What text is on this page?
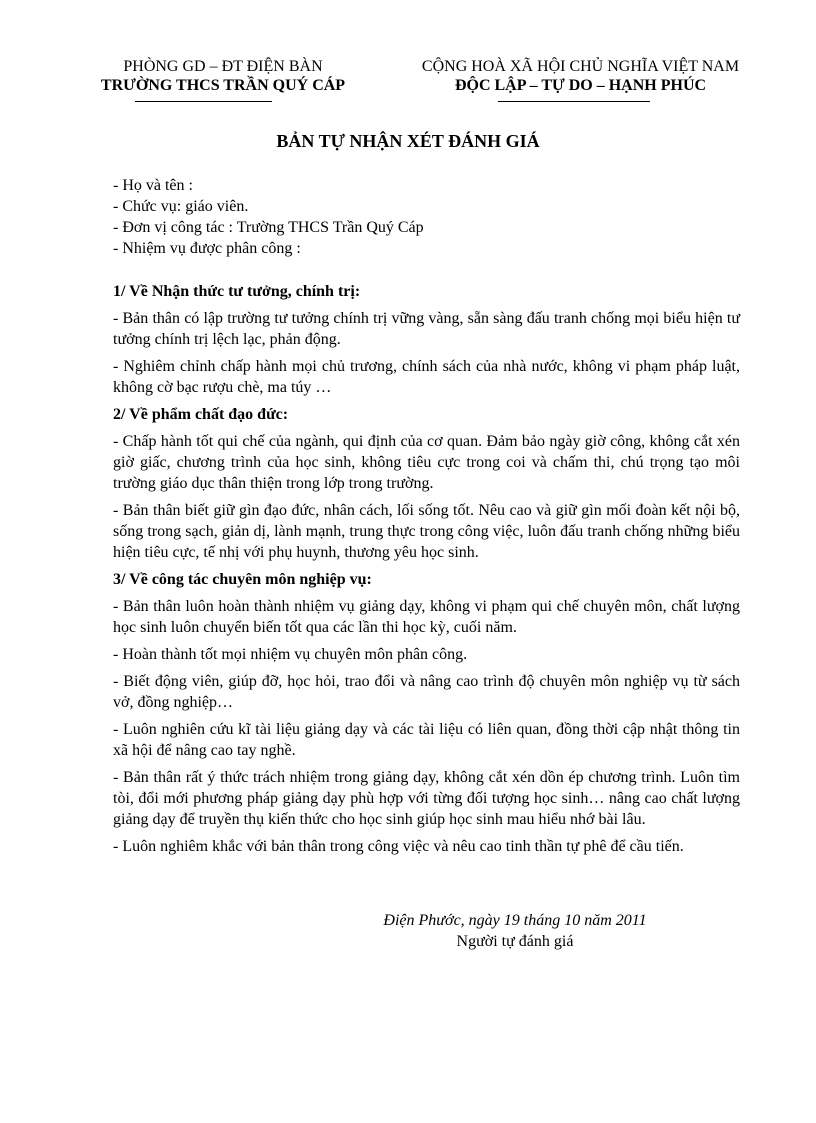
PHÒNG GD – ĐT ĐIỆN BÀN
TRƯỜNG THCS TRẦN QUÝ CÁP
CỘNG HOÀ XÃ HỘI CHỦ NGHĨA VIỆT NAM
ĐỘC LẬP – TỰ DO – HẠNH PHÚC
BẢN TỰ NHẬN XÉT ĐÁNH GIÁ
- Họ và tên :
- Chức vụ: giáo viên.
- Đơn vị công tác : Trường THCS Trần Quý Cáp
- Nhiệm vụ được phân công :
1/ Về Nhận thức tư tưởng, chính trị:
- Bản thân có lập trường tư tưởng chính trị vững vàng, sẵn sàng đấu tranh chống mọi biểu hiện tư tưởng chính trị lệch lạc, phản động.
- Nghiêm chỉnh chấp hành mọi chủ trương, chính sách của nhà nước, không vi phạm pháp luật, không cờ bạc rượu chè, ma túy …
2/ Về phẩm chất đạo đức:
- Chấp hành tốt qui chế của ngành, qui định của cơ quan. Đảm bảo ngày giờ công, không cắt xén giờ giấc, chương trình của học sinh, không tiêu cực trong coi và chấm thi, chú trọng tạo môi trường giáo dục thân thiện trong lớp trong trường.
- Bản thân biết giữ gìn đạo đức, nhân cách, lối sống tốt. Nêu cao và giữ gìn mối đoàn kết nội bộ, sống trong sạch, giản dị, lành mạnh, trung thực trong công việc, luôn đấu tranh chống những biểu hiện tiêu cực, tế nhị với phụ huynh, thương yêu học sinh.
3/ Về công tác chuyên môn nghiệp vụ:
- Bản thân luôn hoàn thành nhiệm vụ giảng dạy, không vi phạm qui chế chuyên môn, chất lượng học sinh luôn chuyển biến tốt qua các lần thi học kỳ, cuối năm.
- Hoàn thành tốt mọi nhiệm vụ chuyên môn phân công.
- Biết động viên, giúp đỡ, học hỏi, trao đổi và nâng cao trình độ chuyên môn nghiệp vụ từ sách vở, đồng nghiệp…
- Luôn nghiên cứu kĩ tài liệu giảng dạy và các tài liệu có liên quan, đồng thời cập nhật thông tin xã hội để nâng cao tay nghề.
- Bản thân rất ý thức trách nhiệm trong giảng dạy, không cắt xén dồn ép chương trình. Luôn tìm tòi, đổi mới phương pháp giảng dạy phù hợp với từng đối tượng học sinh… nâng cao chất lượng giảng dạy để truyền thụ kiến thức cho học sinh giúp học sinh mau hiểu nhớ bài lâu.
- Luôn nghiêm khắc với bản thân trong công việc và nêu cao tinh thần tự phê để cầu tiến.
Điện Phước, ngày 19 tháng 10 năm 2011
Người tự đánh giá
